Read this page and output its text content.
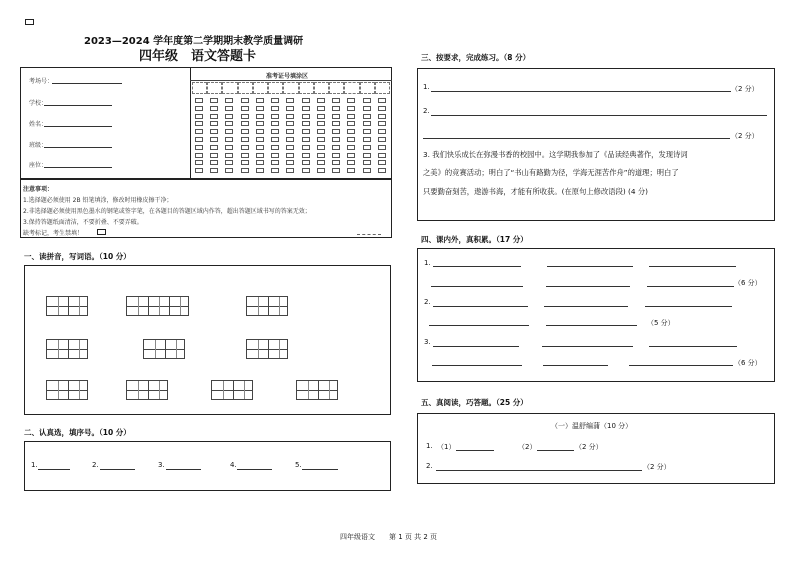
2023—2024 学年度第二学期期末教学质量调研
四年级　语文答题卡
考场号：
学校：
姓名：
班级：
座位：
准考证号填涂区
注意事项：
1.选择题必须使用 2B 铅笔填涂，修改时用橡皮擦干净；
2.非选择题必须使用黑色墨水的钢笔或签字笔，在各题目的答题区域内作答，超出答题区域书写的答案无效；
3.保持答题纸面清洁，不要折叠、不要弄破。
缺考标记，考生禁填！
一、读拼音，写词语。（10 分）
二、认真选，填序号。（10 分）
1.	2.	3.	4.	5.
三、按要求，完成练习。（8 分）
1.	（2 分）
2.
（2 分）
3. 我们快乐成长在弥漫书香的校园中。这学期我参加了《品读经典著作，发现诗词
之美》的竞赛活动；明白了“书山有路勤为径，学海无涯苦作舟”的道理；明白了
只要勤奋刻苦，遨游书海，才能有所收获。(在原句上修改语段) (4 分)
四、课内外，真积累。（17 分）
1.
（6 分）
2.
（5 分）
3.
（6 分）
五、真阅读，巧答题。（25 分）
（一）温舒编蒲（10 分）
1. （1）	（2）	（2 分）
2.	（2 分）
四年级语文　　第 1 页 共 2 页
